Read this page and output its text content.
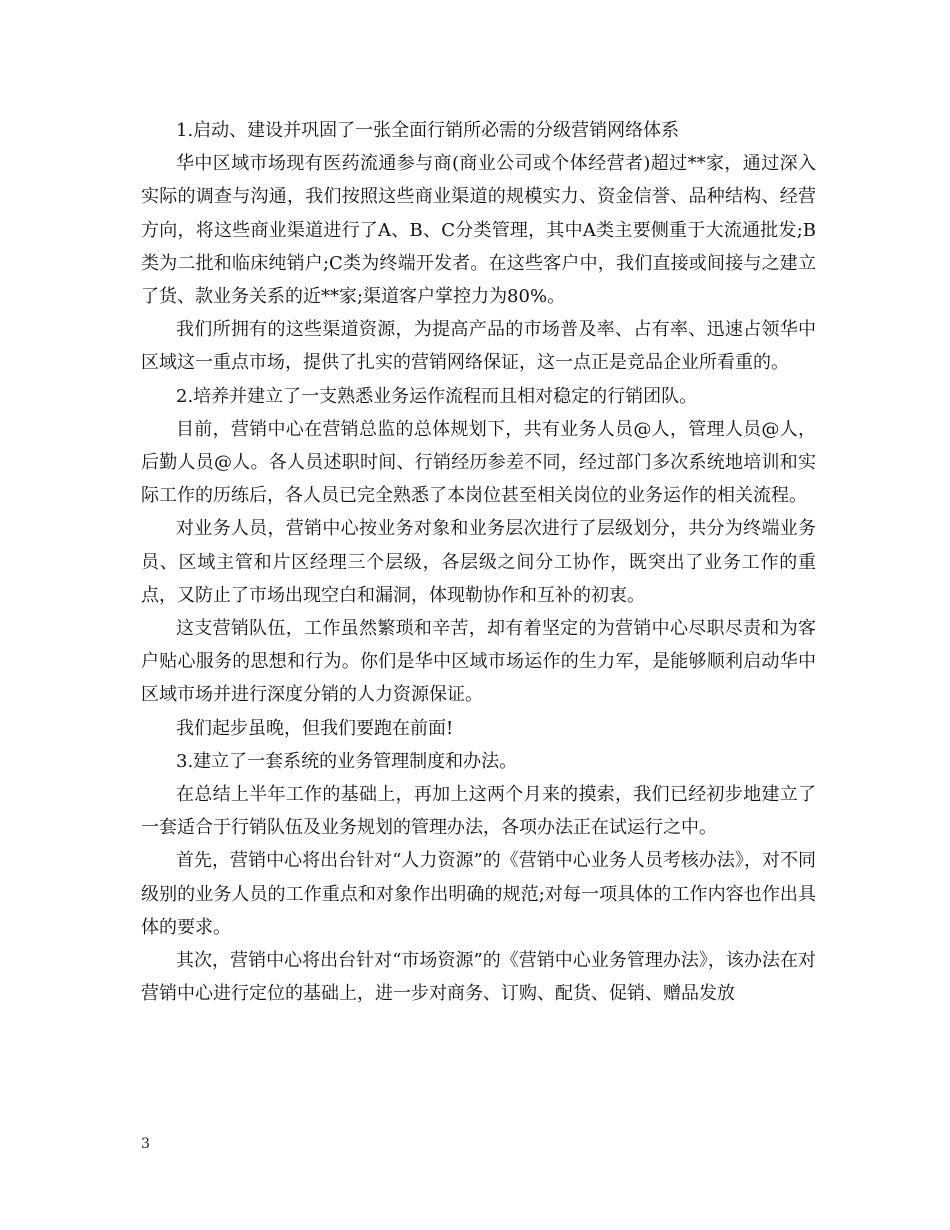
1.启动、建设并巩固了一张全面行销所必需的分级营销网络体系

华中区域市场现有医药流通参与商(商业公司或个体经营者)超过**家，通过深入实际的调查与沟通，我们按照这些商业渠道的规模实力、资金信誉、品种结构、经营方向，将这些商业渠道进行了A、B、C分类管理，其中A类主要侧重于大流通批发;B类为二批和临床纯销户;C类为终端开发者。在这些客户中，我们直接或间接与之建立了货、款业务关系的近**家;渠道客户掌控力为80%。

我们所拥有的这些渠道资源，为提高产品的市场普及率、占有率、迅速占领华中区域这一重点市场，提供了扎实的营销网络保证，这一点正是竞品企业所看重的。

2.培养并建立了一支熟悉业务运作流程而且相对稳定的行销团队。

目前，营销中心在营销总监的总体规划下，共有业务人员@人，管理人员@人，后勤人员@人。各人员述职时间、行销经历参差不同，经过部门多次系统地培训和实际工作的历练后，各人员已完全熟悉了本岗位甚至相关岗位的业务运作的相关流程。

对业务人员，营销中心按业务对象和业务层次进行了层级划分，共分为终端业务员、区域主管和片区经理三个层级，各层级之间分工协作，既突出了业务工作的重点，又防止了市场出现空白和漏洞，体现勒协作和互补的初衷。

这支营销队伍，工作虽然繁琐和辛苦，却有着坚定的为营销中心尽职尽责和为客户贴心服务的思想和行为。你们是华中区域市场运作的生力军，是能够顺利启动华中区域市场并进行深度分销的人力资源保证。

我们起步虽晚，但我们要跑在前面!

3.建立了一套系统的业务管理制度和办法。

在总结上半年工作的基础上，再加上这两个月来的摸索，我们已经初步地建立了一套适合于行销队伍及业务规划的管理办法，各项办法正在试运行之中。

首先，营销中心将出台针对“人力资源”的《营销中心业务人员考核办法》，对不同级别的业务人员的工作重点和对象作出明确的规范;对每一项具体的工作内容也作出具体的要求。

其次，营销中心将出台针对“市场资源”的《营销中心业务管理办法》，该办法在对营销中心进行定位的基础上，进一步对商务、订购、配货、促销、赠品发放

3
